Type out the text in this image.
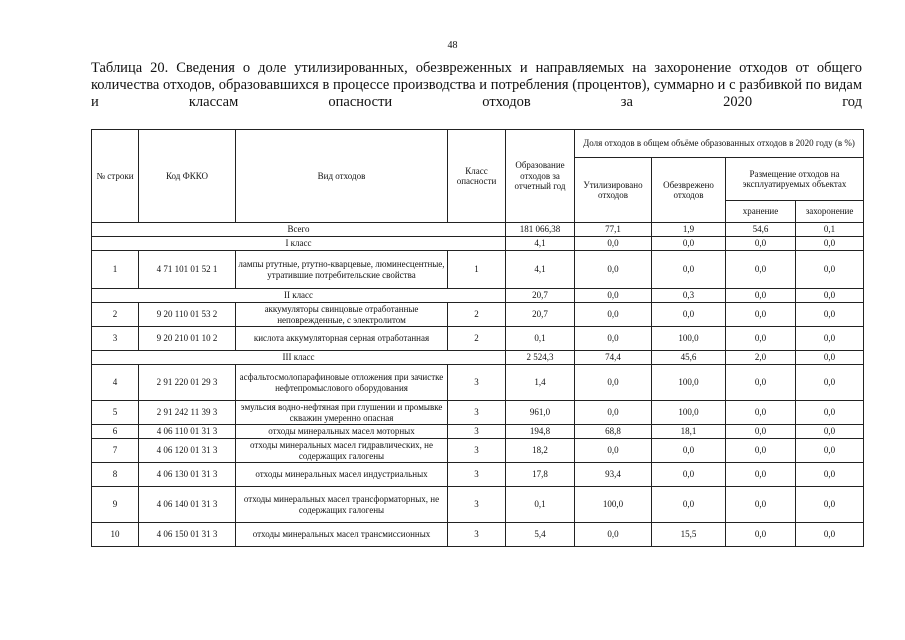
48
Таблица 20. Сведения о доле утилизированных, обезвреженных и направляемых на захоронение отходов от общего количества отходов, образовавшихся в процессе производства и потребления (процентов), суммарно и с разбивкой по видам и классам опасности отходов за 2020 год
№ строки	Код ФККО	Вид отходов	Класс опасности	Образование отходов за отчетный год	Доля отходов в общем объёме образованных отходов в 2020 году (в %)			
					Утилизировано отходов	Обезврежено отходов	Размещение отходов на эксплуатируемых объектах	
							хранение	захоронение
Всего				181 066,38	77,1	1,9	54,6	0,1
I класс				4,1	0,0	0,0	0,0	0,0
1	4 71 101 01 52 1	лампы ртутные, ртутно-кварцевые, люминесцентные, утратившие потребительские свойства	1	4,1	0,0	0,0	0,0	0,0
II класс				20,7	0,0	0,3	0,0	0,0
2	9 20 110 01 53 2	аккумуляторы свинцовые отработанные неповрежденные, с электролитом	2	20,7	0,0	0,0	0,0	0,0
3	9 20 210 01 10 2	кислота аккумуляторная серная отработанная	2	0,1	0,0	100,0	0,0	0,0
III класс				2 524,3	74,4	45,6	2,0	0,0
4	2 91 220 01 29 3	асфальтосмолопарафиновые отложения при зачистке нефтепромыслового оборудования	3	1,4	0,0	100,0	0,0	0,0
5	2 91 242 11 39 3	эмульсия водно-нефтяная при глушении и промывке скважин умеренно опасная	3	961,0	0,0	100,0	0,0	0,0
6	4 06 110 01 31 3	отходы минеральных масел моторных	3	194,8	68,8	18,1	0,0	0,0
7	4 06 120 01 31 3	отходы минеральных масел гидравлических, не содержащих галогены	3	18,2	0,0	0,0	0,0	0,0
8	4 06 130 01 31 3	отходы минеральных масел индустриальных	3	17,8	93,4	0,0	0,0	0,0
9	4 06 140 01 31 3	отходы минеральных масел трансформаторных, не содержащих галогены	3	0,1	100,0	0,0	0,0	0,0
10	4 06 150 01 31 3	отходы минеральных масел трансмиссионных	3	5,4	0,0	15,5	0,0	0,0
